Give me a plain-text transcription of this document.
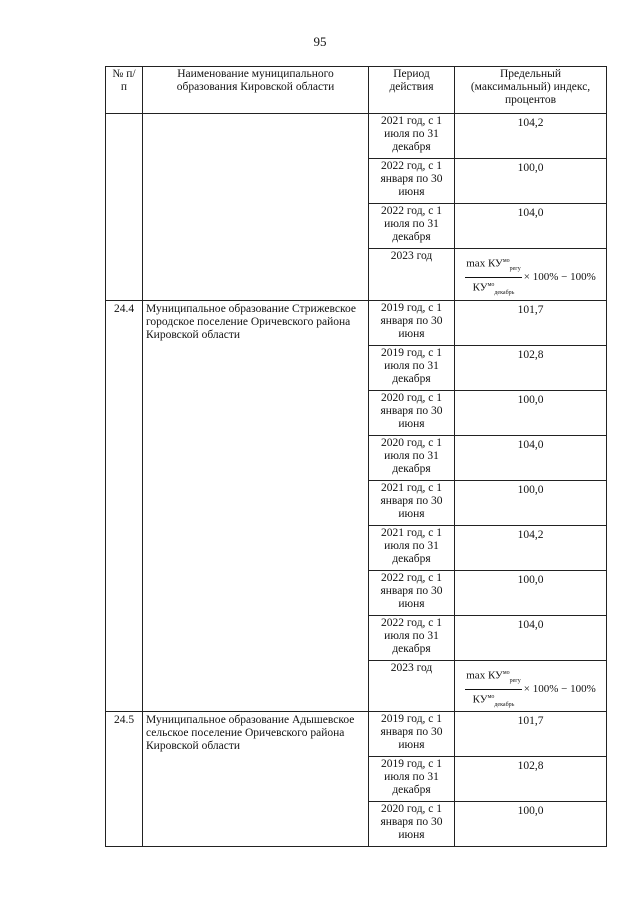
95
№ п/п	Наименование муниципального образования Кировской области	Период действия	Предельный (максимальный) индекс, процентов
		2021 год, с 1 июля по 31 декабря	104,2
		2022 год, с 1 января по 30 июня	100,0
		2022 год, с 1 июля по 31 декабря	104,0
		2023 год	$\frac{\max КУ^{мо}_{регу}}{КУ^{мо}_{декабрь}} \times 100\% - 100\%$

24.4	Муниципальное образование Стрижевское городское поселение Оричевского района Кировской области	2019 год, с 1 января по 30 июня	101,7
		2019 год, с 1 июля по 31 декабря	102,8
		2020 год, с 1 января по 30 июня	100,0
		2020 год, с 1 июля по 31 декабря	104,0
		2021 год, с 1 января по 30 июня	100,0
		2021 год, с 1 июля по 31 декабря	104,2
		2022 год, с 1 января по 30 июня	100,0
		2022 год, с 1 июля по 31 декабря	104,0
		2023 год	$\frac{\max КУ^{мо}_{регу}}{КУ^{мо}_{декабрь}} \times 100\% - 100\%$

24.5	Муниципальное образование Адышевское сельское поселение Оричевского района Кировской области	2019 год, с 1 января по 30 июня	101,7
		2019 год, с 1 июля по 31 декабря	102,8
		2020 год, с 1 января по 30 июня	100,0
